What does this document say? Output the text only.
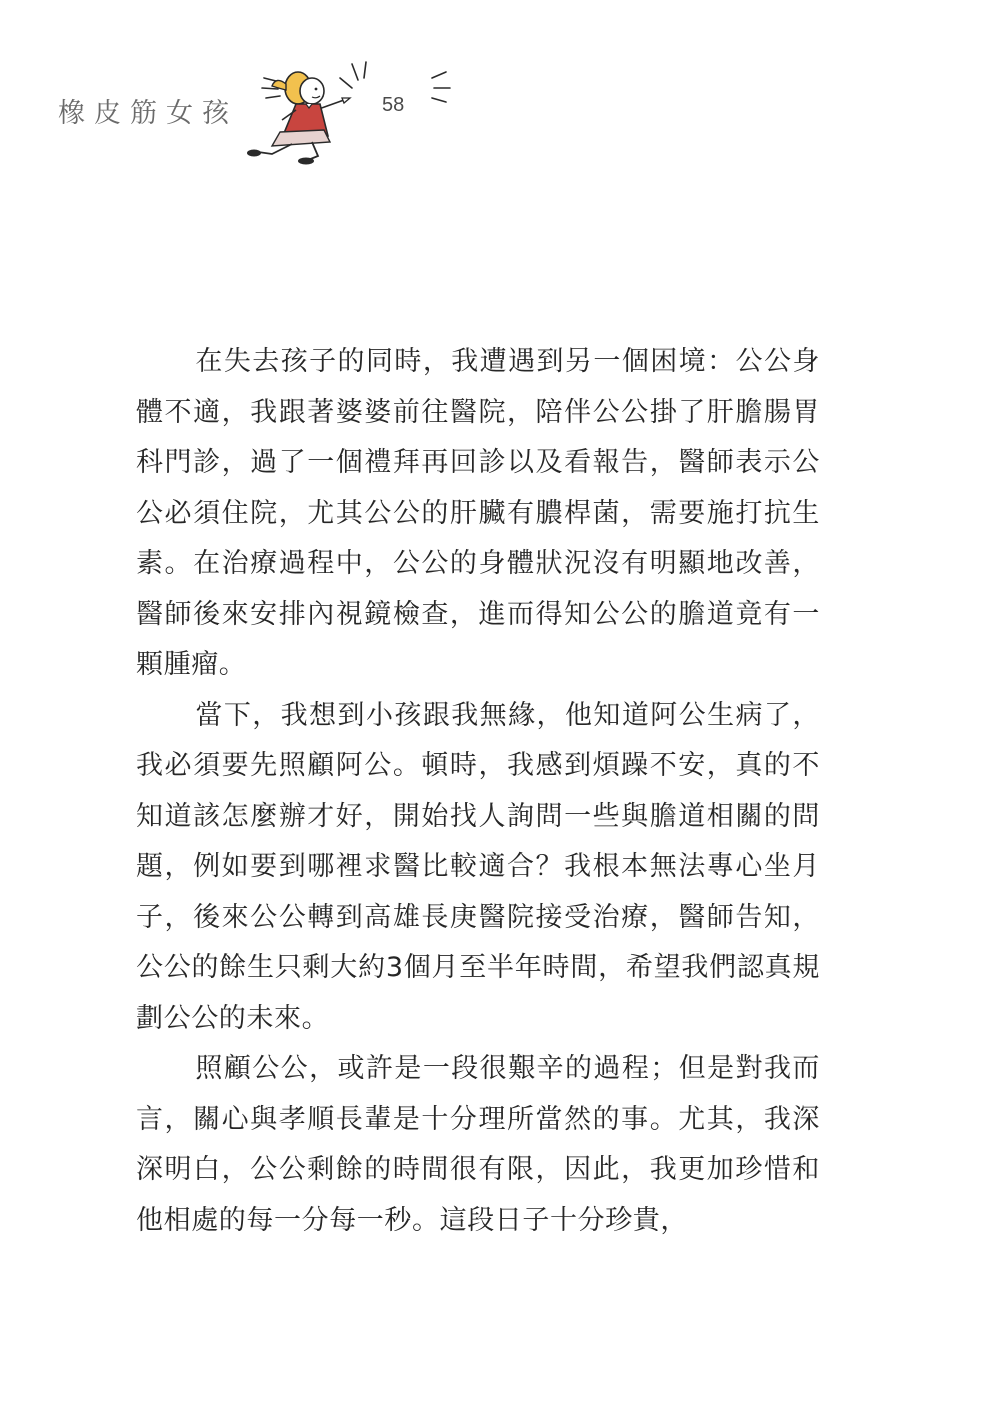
橡皮筋女孩	58

在失去孩子的同時，我遭遇到另一個困境：公公身體不適，我跟著婆婆前往醫院，陪伴公公掛了肝膽腸胃科門診，過了一個禮拜再回診以及看報告，醫師表示公公必須住院，尤其公公的肝臟有膿桿菌，需要施打抗生素。在治療過程中，公公的身體狀況沒有明顯地改善，醫師後來安排內視鏡檢查，進而得知公公的膽道竟有一顆腫瘤。

當下，我想到小孩跟我無緣，他知道阿公生病了，我必須要先照顧阿公。頓時，我感到煩躁不安，真的不知道該怎麼辦才好，開始找人詢問一些與膽道相關的問題，例如要到哪裡求醫比較適合？我根本無法專心坐月子，後來公公轉到高雄長庚醫院接受治療，醫師告知，公公的餘生只剩大約3個月至半年時間，希望我們認真規劃公公的未來。

照顧公公，或許是一段很艱辛的過程；但是對我而言，關心與孝順長輩是十分理所當然的事。尤其，我深深明白，公公剩餘的時間很有限，因此，我更加珍惜和他相處的每一分每一秒。這段日子十分珍貴，
